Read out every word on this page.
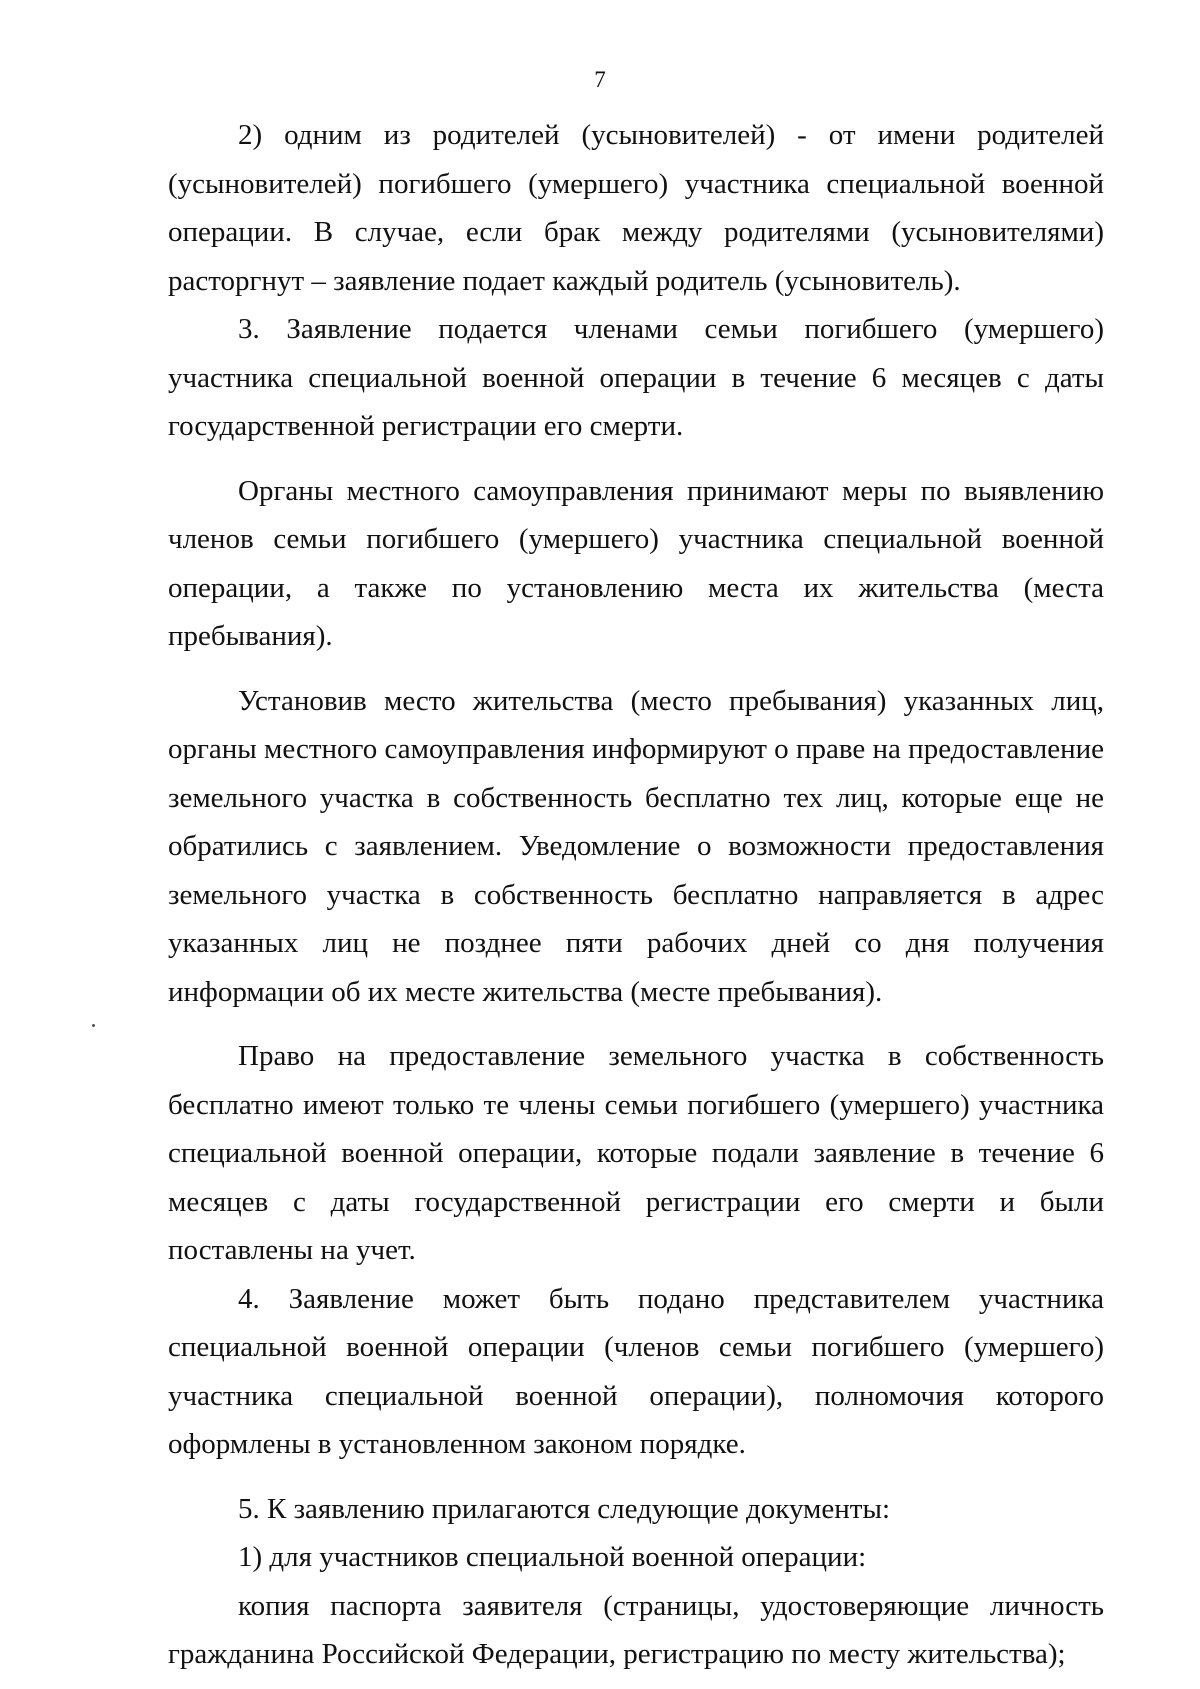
7

2) одним из родителей (усыновителей) - от имени родителей (усыновителей) погибшего (умершего) участника специальной военной операции. В случае, если брак между родителями (усыновителями) расторгнут – заявление подает каждый родитель (усыновитель).

3. Заявление подается членами семьи погибшего (умершего) участника специальной военной операции в течение 6 месяцев с даты государственной регистрации его смерти.

Органы местного самоуправления принимают меры по выявлению членов семьи погибшего (умершего) участника специальной военной операции, а также по установлению места их жительства (места пребывания).

Установив место жительства (место пребывания) указанных лиц, органы местного самоуправления информируют о праве на предоставление земельного участка в собственность бесплатно тех лиц, которые еще не обратились с заявлением. Уведомление о возможности предоставления земельного участка в собственность бесплатно направляется в адрес указанных лиц не позднее пяти рабочих дней со дня получения информации об их месте жительства (месте пребывания).

Право на предоставление земельного участка в собственность бесплатно имеют только те члены семьи погибшего (умершего) участника специальной военной операции, которые подали заявление в течение 6 месяцев с даты государственной регистрации его смерти и были поставлены на учет.

4. Заявление может быть подано представителем участника специальной военной операции (членов семьи погибшего (умершего) участника специальной военной операции), полномочия которого оформлены в установленном законом порядке.

5. К заявлению прилагаются следующие документы:

1) для участников специальной военной операции:

копия паспорта заявителя (страницы, удостоверяющие личность гражданина Российской Федерации, регистрацию по месту жительства);
